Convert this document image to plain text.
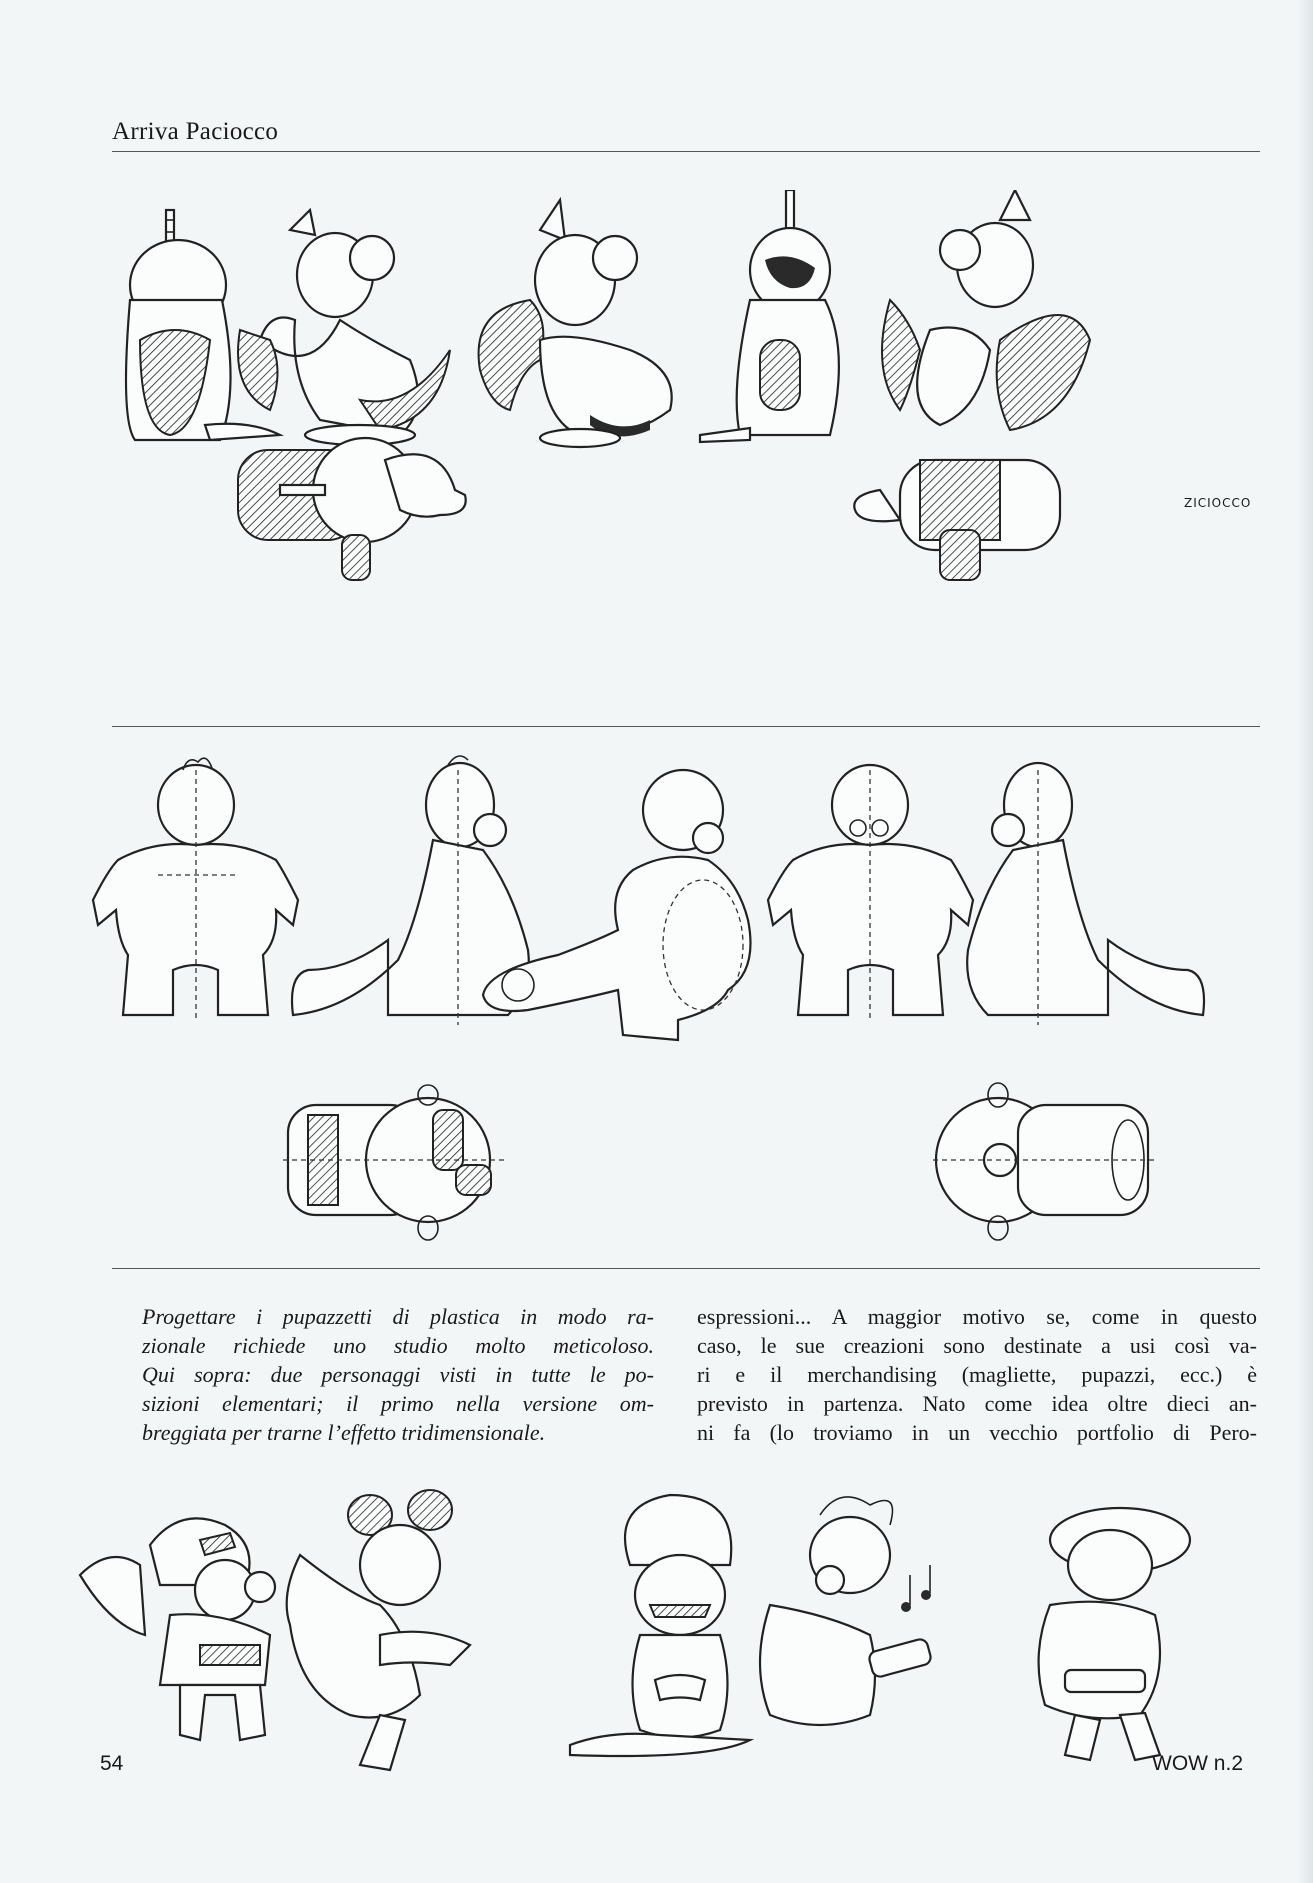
Arriva Paciocco
ZICIOCCO

Progettare i pupazzetti di plastica in modo ra-

zionale richiede uno studio molto meticoloso.

Qui sopra: due personaggi visti in tutte le po-

sizioni elementari; il primo nella versione om-

breggiata per trarne l’effetto tridimensionale.

espressioni... A maggior motivo se, come in questo

caso, le sue creazioni sono destinate a usi così va-

ri e il merchandising (magliette, pupazzi, ecc.) è

previsto in partenza. Nato come idea oltre dieci an-

ni fa (lo troviamo in un vecchio portfolio di Pero-

54	WOW n.2
